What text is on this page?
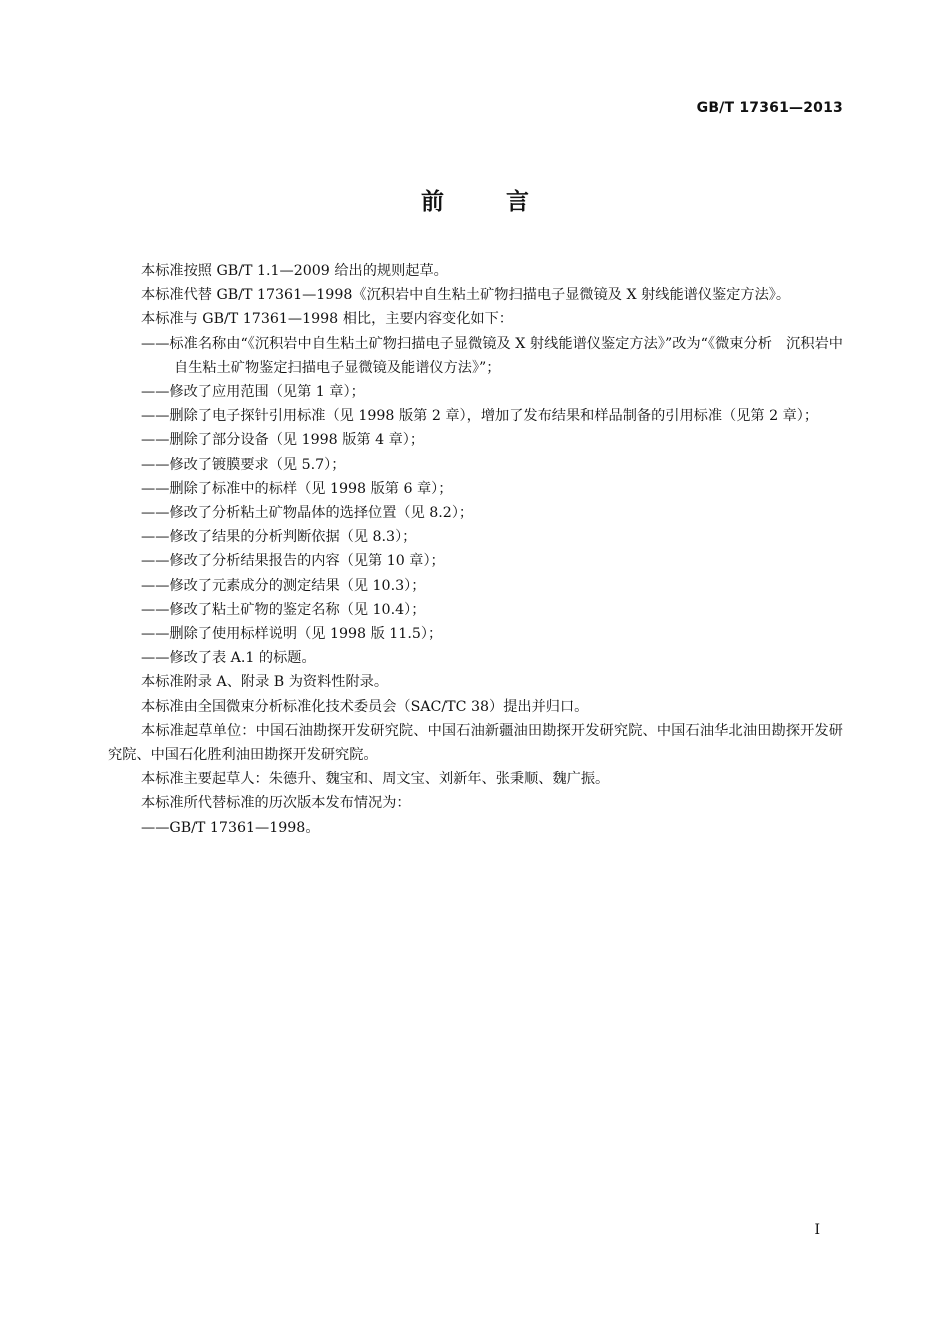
GB/T 17361—2013
前言

本标准按照 GB/T 1.1—2009 给出的规则起草。

本标准代替 GB/T 17361—1998《沉积岩中自生粘土矿物扫描电子显微镜及 X 射线能谱仪鉴定方法》。

本标准与 GB/T 17361—1998 相比，主要内容变化如下：

——标准名称由“《沉积岩中自生粘土矿物扫描电子显微镜及 X 射线能谱仪鉴定方法》”改为“《微束分析　沉积岩中自生粘土矿物鉴定扫描电子显微镜及能谱仪方法》”；

——修改了应用范围（见第 1 章）；

——删除了电子探针引用标准（见 1998 版第 2 章），增加了发布结果和样品制备的引用标准（见第 2 章）；

——删除了部分设备（见 1998 版第 4 章）；

——修改了镀膜要求（见 5.7）；

——删除了标准中的标样（见 1998 版第 6 章）；

——修改了分析粘土矿物晶体的选择位置（见 8.2）；

——修改了结果的分析判断依据（见 8.3）；

——修改了分析结果报告的内容（见第 10 章）；

——修改了元素成分的测定结果（见 10.3）；

——修改了粘土矿物的鉴定名称（见 10.4）；

——删除了使用标样说明（见 1998 版 11.5）；

——修改了表 A.1 的标题。

本标准附录 A、附录 B 为资料性附录。

本标准由全国微束分析标准化技术委员会（SAC/TC 38）提出并归口。

本标准起草单位：中国石油勘探开发研究院、中国石油新疆油田勘探开发研究院、中国石油华北油田勘探开发研究院、中国石化胜利油田勘探开发研究院。

本标准主要起草人：朱德升、魏宝和、周文宝、刘新年、张秉顺、魏广振。

本标准所代替标准的历次版本发布情况为：

——GB/T 17361—1998。

I
